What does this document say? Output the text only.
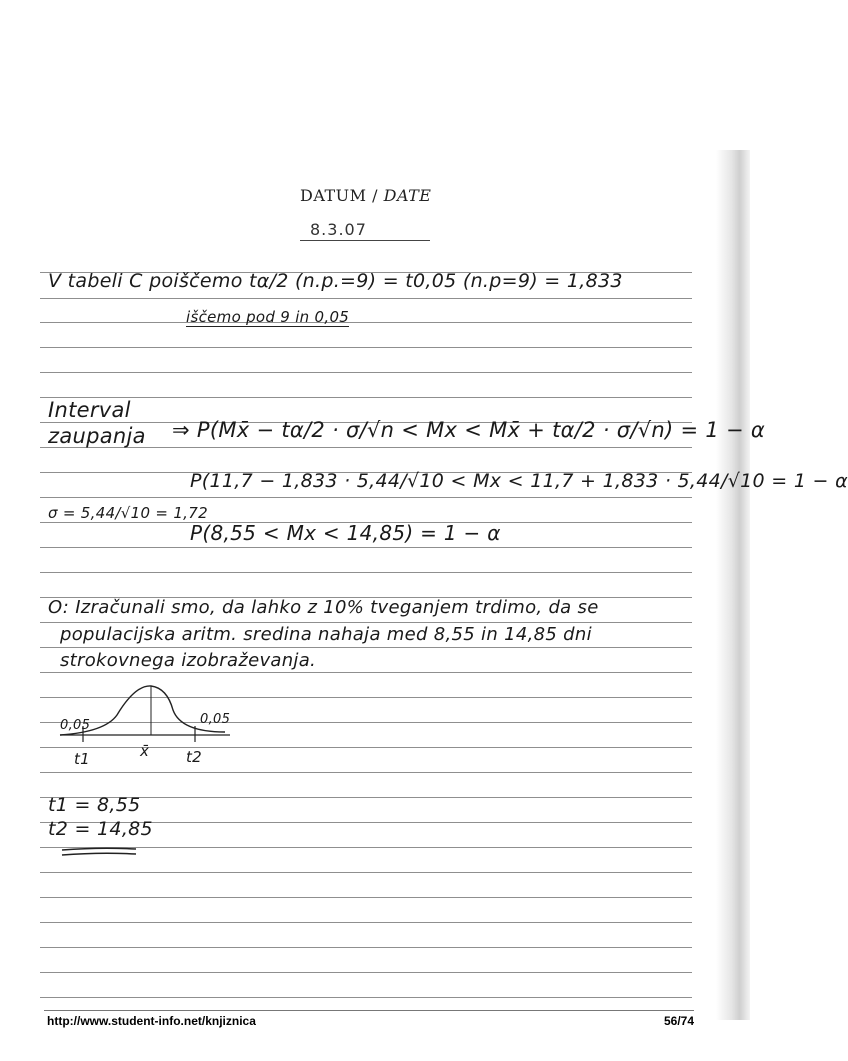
DATUM / DATE
8.3.07
V tabeli C poiščemo tα/2 (n.p.=9) = t0,05 (n.p=9) = 1,833
iščemo pod 9 in 0,05
Interval
zaupanja ⇒ P(Mx̄ − tα/2 · σ/√n < Mx < Mx̄ + tα/2 · σ/√n) = 1 − α
P(11,7 − 1,833 · 5,44/√10 < Mx < 11,7 + 1,833 · 5,44/√10 = 1 − α
σ = 5,44/√10 = 1,72
P(8,55 < Mx < 14,85) = 1 − α
O: Izračunali smo, da lahko z 10% tveganjem trdimo, da se
populacijska aritm. sredina nahaja med 8,55 in 14,85 dni
strokovnega izobraževanja.
0,05	0,05
x̄
t1	t2
t1 = 8,55
t2 = 14,85
http://www.student-info.net/knjiznica	56/74
